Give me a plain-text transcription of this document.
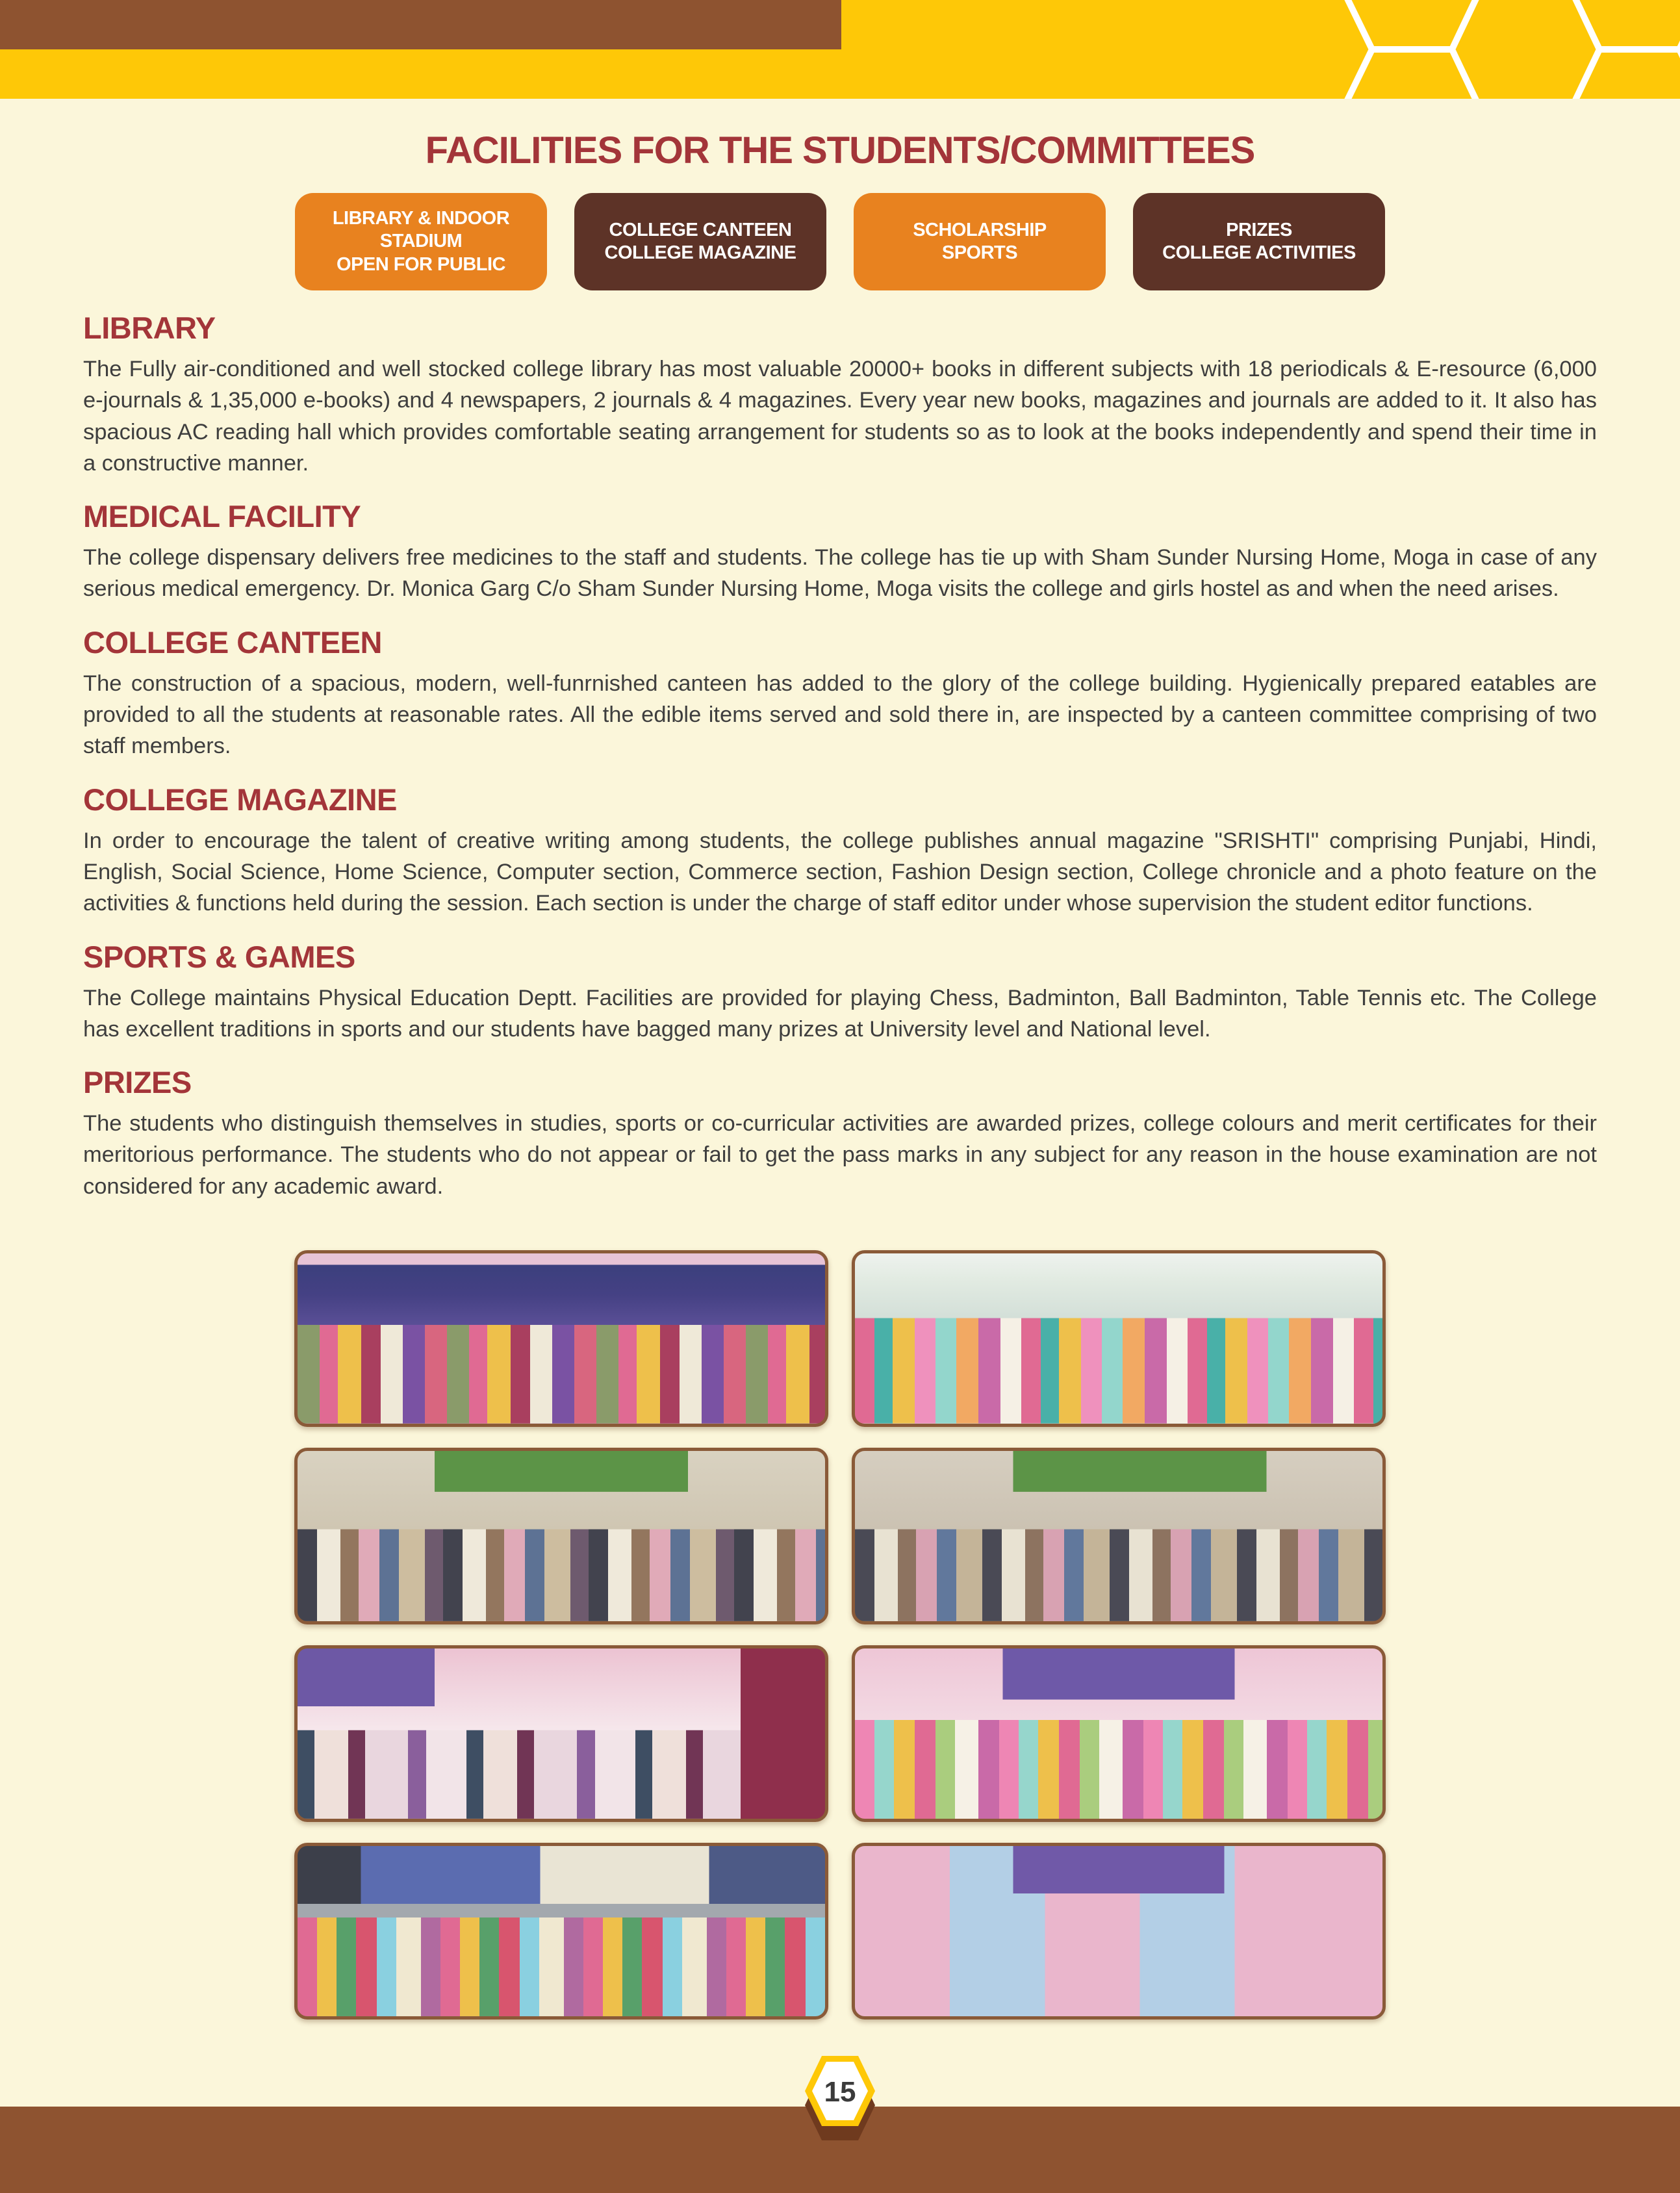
FACILITIES FOR THE STUDENTS/COMMITTEES
LIBRARY & INDOOR
STADIUM
OPEN FOR PUBLIC
COLLEGE CANTEEN
COLLEGE MAGAZINE
SCHOLARSHIP
SPORTS
PRIZES
COLLEGE ACTIVITIES
LIBRARY

The Fully air-conditioned and well stocked college library has most valuable 20000+ books in different subjects with 18 periodicals & E-resource (6,000 e-journals & 1,35,000 e-books) and 4 newspapers, 2 journals & 4 magazines. Every year new books, magazines and journals are added to it. It also has spacious AC reading hall which provides comfortable seating arrangement for students so as to look at the books independently and spend their time in a constructive manner.

MEDICAL FACILITY

The college dispensary delivers free medicines to the staff and students. The college has tie up with Sham Sunder Nursing Home, Moga in case of any serious medical emergency. Dr. Monica Garg C/o Sham Sunder Nursing Home, Moga visits the college and girls hostel as and when the need arises.

COLLEGE CANTEEN

The construction of a spacious, modern, well-funrnished canteen has added to the glory of the college building. Hygienically prepared eatables are provided to all the students at reasonable rates. All the edible items served and sold there in, are inspected by a canteen committee comprising of two staff members.

COLLEGE MAGAZINE

In order to encourage the talent of creative writing among students, the college publishes annual magazine "SRISHTI" comprising Punjabi, Hindi, English, Social Science, Home Science, Computer section, Commerce section, Fashion Design section, College chronicle and a photo feature on the activities & functions held during the session. Each section is under the charge of staff editor under whose supervision the student editor functions.

SPORTS & GAMES

The College maintains Physical Education Deptt. Facilities are provided for playing Chess, Badminton, Ball Badminton, Table Tennis etc. The College has excellent traditions in sports and our students have bagged many prizes at University level and National level.

PRIZES

The students who distinguish themselves in studies, sports or co-curricular activities are awarded prizes, college colours and merit certificates for their meritorious performance. The students who do not appear or fail to get the pass marks in any subject for any reason in the house examination are not considered for any academic award.

15
